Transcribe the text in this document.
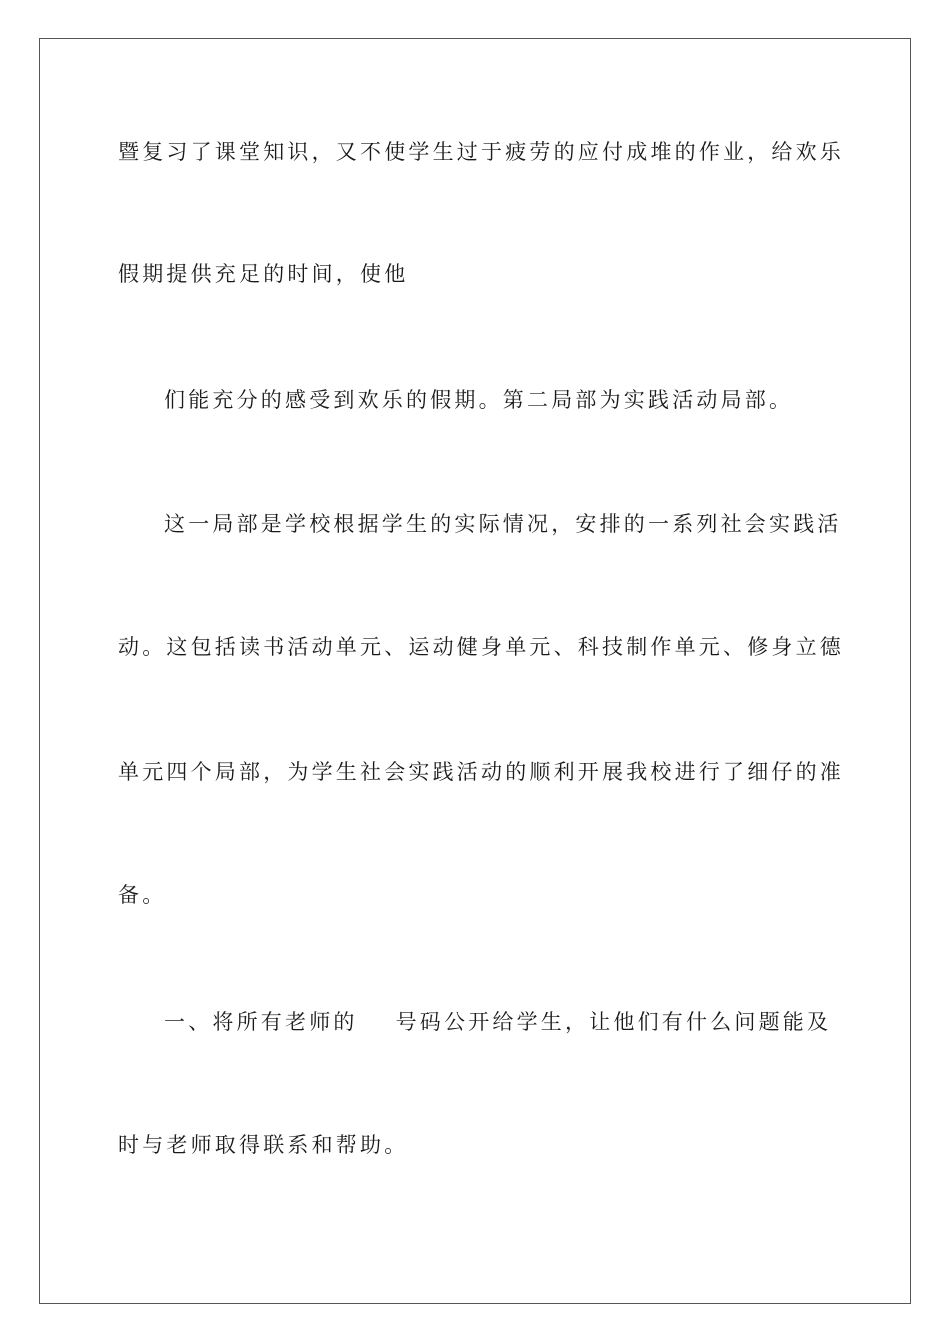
暨复习了课堂知识，又不使学生过于疲劳的应付成堆的作业，给欢乐

假期提供充足的时间，使他

们能充分的感受到欢乐的假期。第二局部为实践活动局部。

这一局部是学校根据学生的实际情况，安排的一系列社会实践活

动。这包括读书活动单元、运动健身单元、科技制作单元、修身立德

单元四个局部，为学生社会实践活动的顺利开展我校进行了细仔的准

备。

一、将所有老师的 号码公开给学生，让他们有什么问题能及

时与老师取得联系和帮助。
